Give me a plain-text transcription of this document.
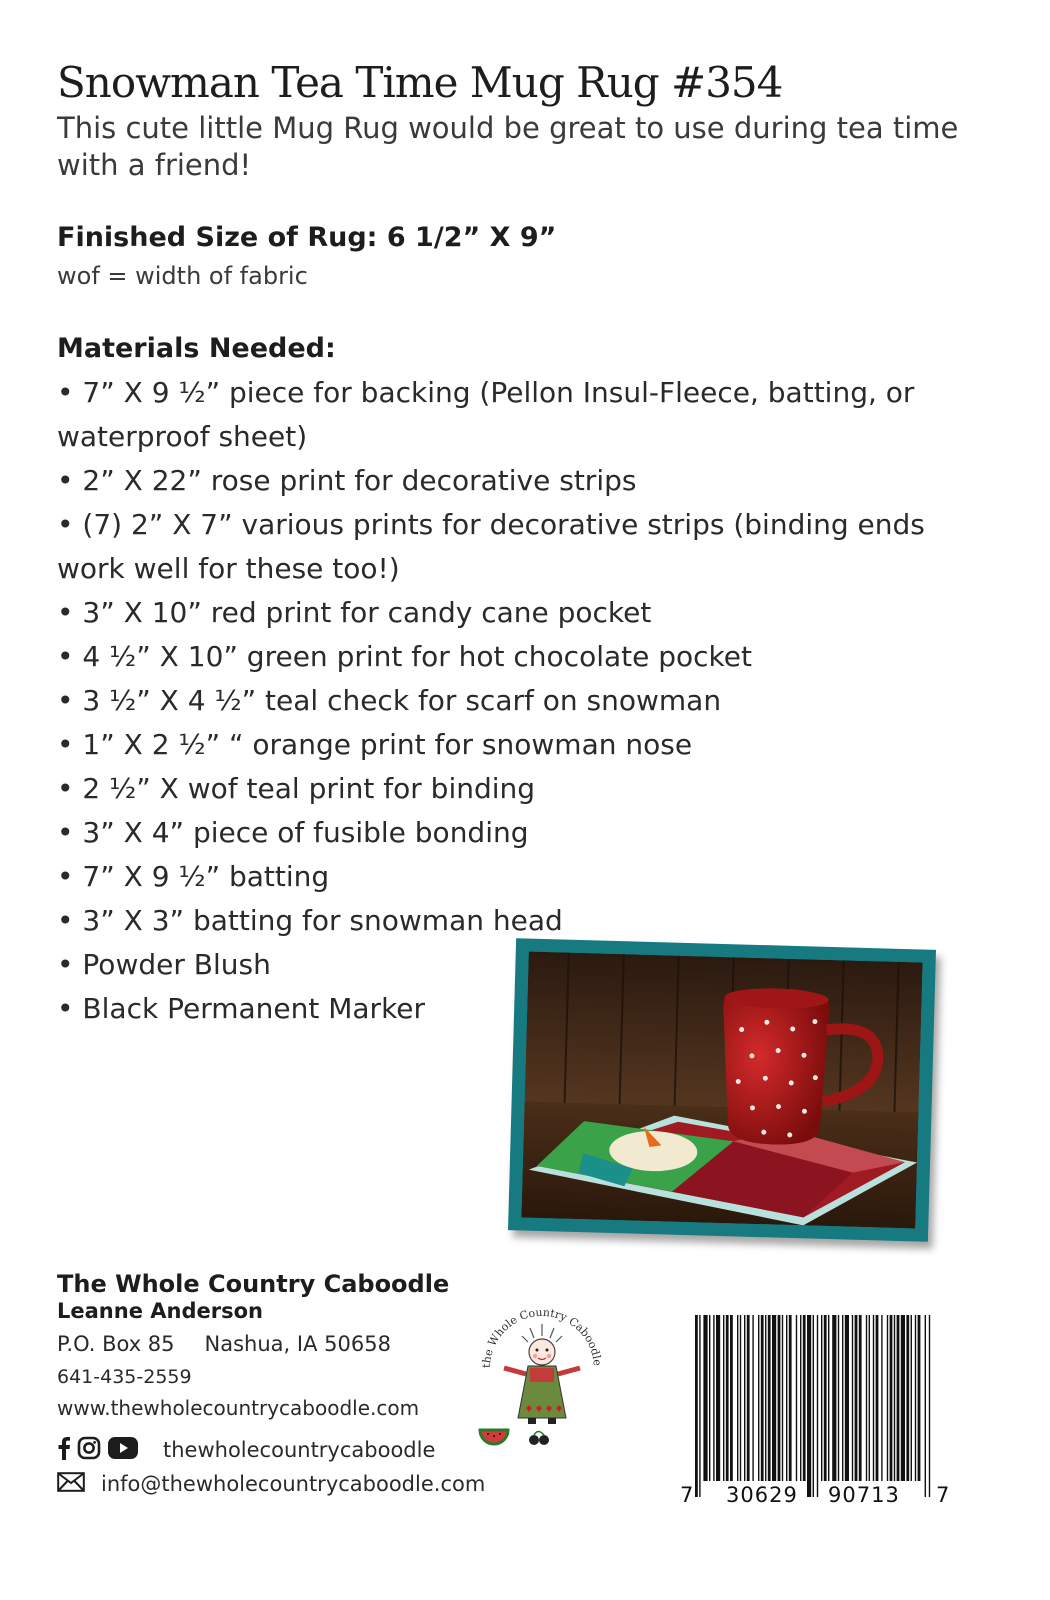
Snowman Tea Time Mug Rug #354

This cute little Mug Rug would be great to use during tea time with a friend!

Finished Size of Rug: 6 1/2” X 9”

wof = width of fabric

Materials Needed:

• 7” X 9 ½” piece for backing (Pellon Insul-Fleece, batting, or waterproof sheet)
• 2” X 22” rose print for decorative strips
• (7) 2” X 7” various prints for decorative strips (binding ends work well for these too!)
• 3” X 10” red print for candy cane pocket
• 4 ½” X 10” green print for hot chocolate pocket
• 3 ½” X 4 ½” teal check for scarf on snowman
• 1” X 2 ½” “ orange print for snowman nose
• 2 ½” X wof teal print for binding
• 3” X 4” piece of fusible bonding
• 7” X 9 ½” batting
• 3” X 3” batting for snowman head
• Powder Blush
• Black Permanent Marker

The Whole Country Caboodle

Leanne Anderson

P.O. Box 85 Nashua, IA 50658

641-435-2559

www.thewholecountrycaboodle.com

thewholecountrycaboodle
info@thewholecountrycaboodle.com
the Whole Country Caboodle
7 30629 90713 7
